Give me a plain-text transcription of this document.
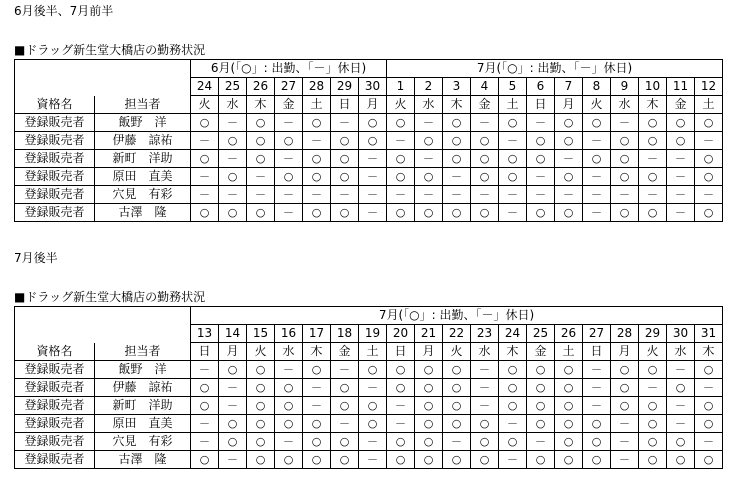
6月後半、7月前半
■ドラッグ新生堂大橋店の勤務状況
		6月(「○」: 出勤、「－」休日)							7月(「○」: 出勤、「－」休日)											
		24	25	26	27	28	29	30	1	2	3	4	5	6	7	8	9	10	11	12
資格名	担当者	火	水	木	金	土	日	月	火	水	木	金	土	日	月	火	水	木	金	土
登録販売者	飯野　洋	○	－	○	－	○	－	○	○	－	○	－	○	－	○	○	－	○	○	○
登録販売者	伊藤　諒祐	－	○	○	○	－	○	○	－	○	○	○	－	○	○	－	○	○	○	－
登録販売者	新町　洋助	○	－	○	－	○	○	－	○	－	○	○	○	○	－	○	○	－	－	○
登録販売者	原田　直美	－	○	－	○	○	○	－	○	○	－	○	○	－	○	－	○	○	－	○
登録販売者	穴見　有彩	－	－	－	－	－	－	－	－	－	－	－	－	－	－	－	－	－	－	－
登録販売者	古澤　隆	○	○	○	－	○	○	－	○	○	○	○	－	○	○	－	○	○	－	○
7月後半
■ドラッグ新生堂大橋店の勤務状況
		7月(「○」: 出勤、「－」休日)																		
		13	14	15	16	17	18	19	20	21	22	23	24	25	26	27	28	29	30	31
資格名	担当者	日	月	火	水	木	金	土	日	月	火	水	木	金	土	日	月	火	水	木
登録販売者	飯野　洋	－	○	○	－	○	－	○	○	○	○	－	○	○	○	－	○	○	－	○
登録販売者	伊藤　諒祐	○	－	○	○	－	○	－	○	○	○	－	○	○	○	－	○	－	○	－
登録販売者	新町　洋助	○	－	○	○	－	○	○	－	○	○	－	○	○	○	－	○	○	－	○
登録販売者	原田　直美	－	○	○	○	○	－	○	－	○	○	○	－	○	○	○	－	○	－	○
登録販売者	穴見　有彩	－	○	○	－	○	○	－	○	○	－	○	○	－	○	○	－	○	○	－
登録販売者	古澤　隆	○	－	○	○	○	○	－	○	○	○	○	－	○	○	○	－	○	○	○
